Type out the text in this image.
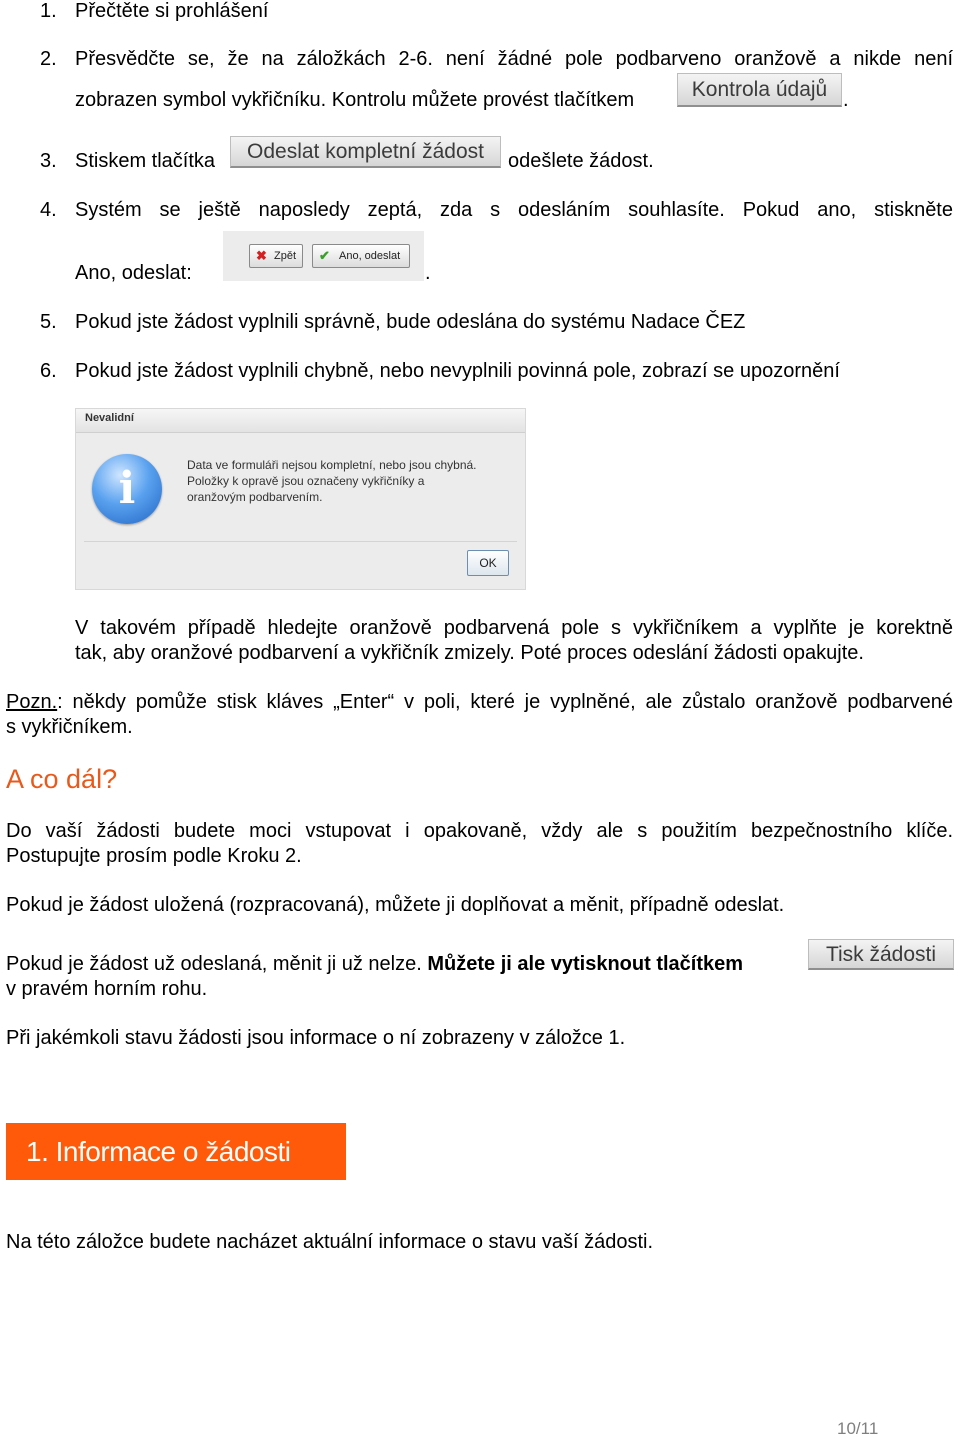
1. Přečtěte si prohlášení
2. Přesvědčte se, že na záložkách 2-6. není žádné pole podbarveno oranžově a nikde není
zobrazen symbol vykřičníku. Kontrolu můžete provést tlačítkem	Kontrola údajů .
3. Stiskem tlačítka	Odeslat kompletní žádost	odešlete žádost.
4. Systém se ještě naposledy zeptá, zda s odesláním souhlasíte. Pokud ano, stiskněte
Ano, odeslat:
✖ Zpět ✔ Ano, odeslat
.
5. Pokud jste žádost vyplnili správně, bude odeslána do systému Nadace ČEZ
6. Pokud jste žádost vyplnili chybně, nebo nevyplnili povinná pole, zobrazí se upozornění
Nevalidní
i	Data ve formuláři nejsou kompletní, nebo jsou chybná.
Položky k opravě jsou označeny vykřičníky a
oranžovým podbarvením.
OK
V takovém případě hledejte oranžově podbarvená pole s vykřičníkem a vyplňte je korektně
tak, aby oranžové podbarvení a vykřičník zmizely. Poté proces odeslání žádosti opakujte.
Pozn.: někdy pomůže stisk kláves „Enter“ v poli, které je vyplněné, ale zůstalo oranžově podbarvené
s vykřičníkem.
A co dál?
Do vaší žádosti budete moci vstupovat i opakovaně, vždy ale s použitím bezpečnostního klíče.
Postupujte prosím podle Kroku 2.
Pokud je žádost uložená (rozpracovaná), můžete ji doplňovat a měnit, případně odeslat.
Pokud je žádost už odeslaná, měnit ji už nelze. Můžete ji ale vytisknout tlačítkem	Tisk žádosti
v pravém horním rohu.
Při jakémkoli stavu žádosti jsou informace o ní zobrazeny v záložce 1.
1. Informace o žádosti
Na této záložce budete nacházet aktuální informace o stavu vaší žádosti.
10/11
